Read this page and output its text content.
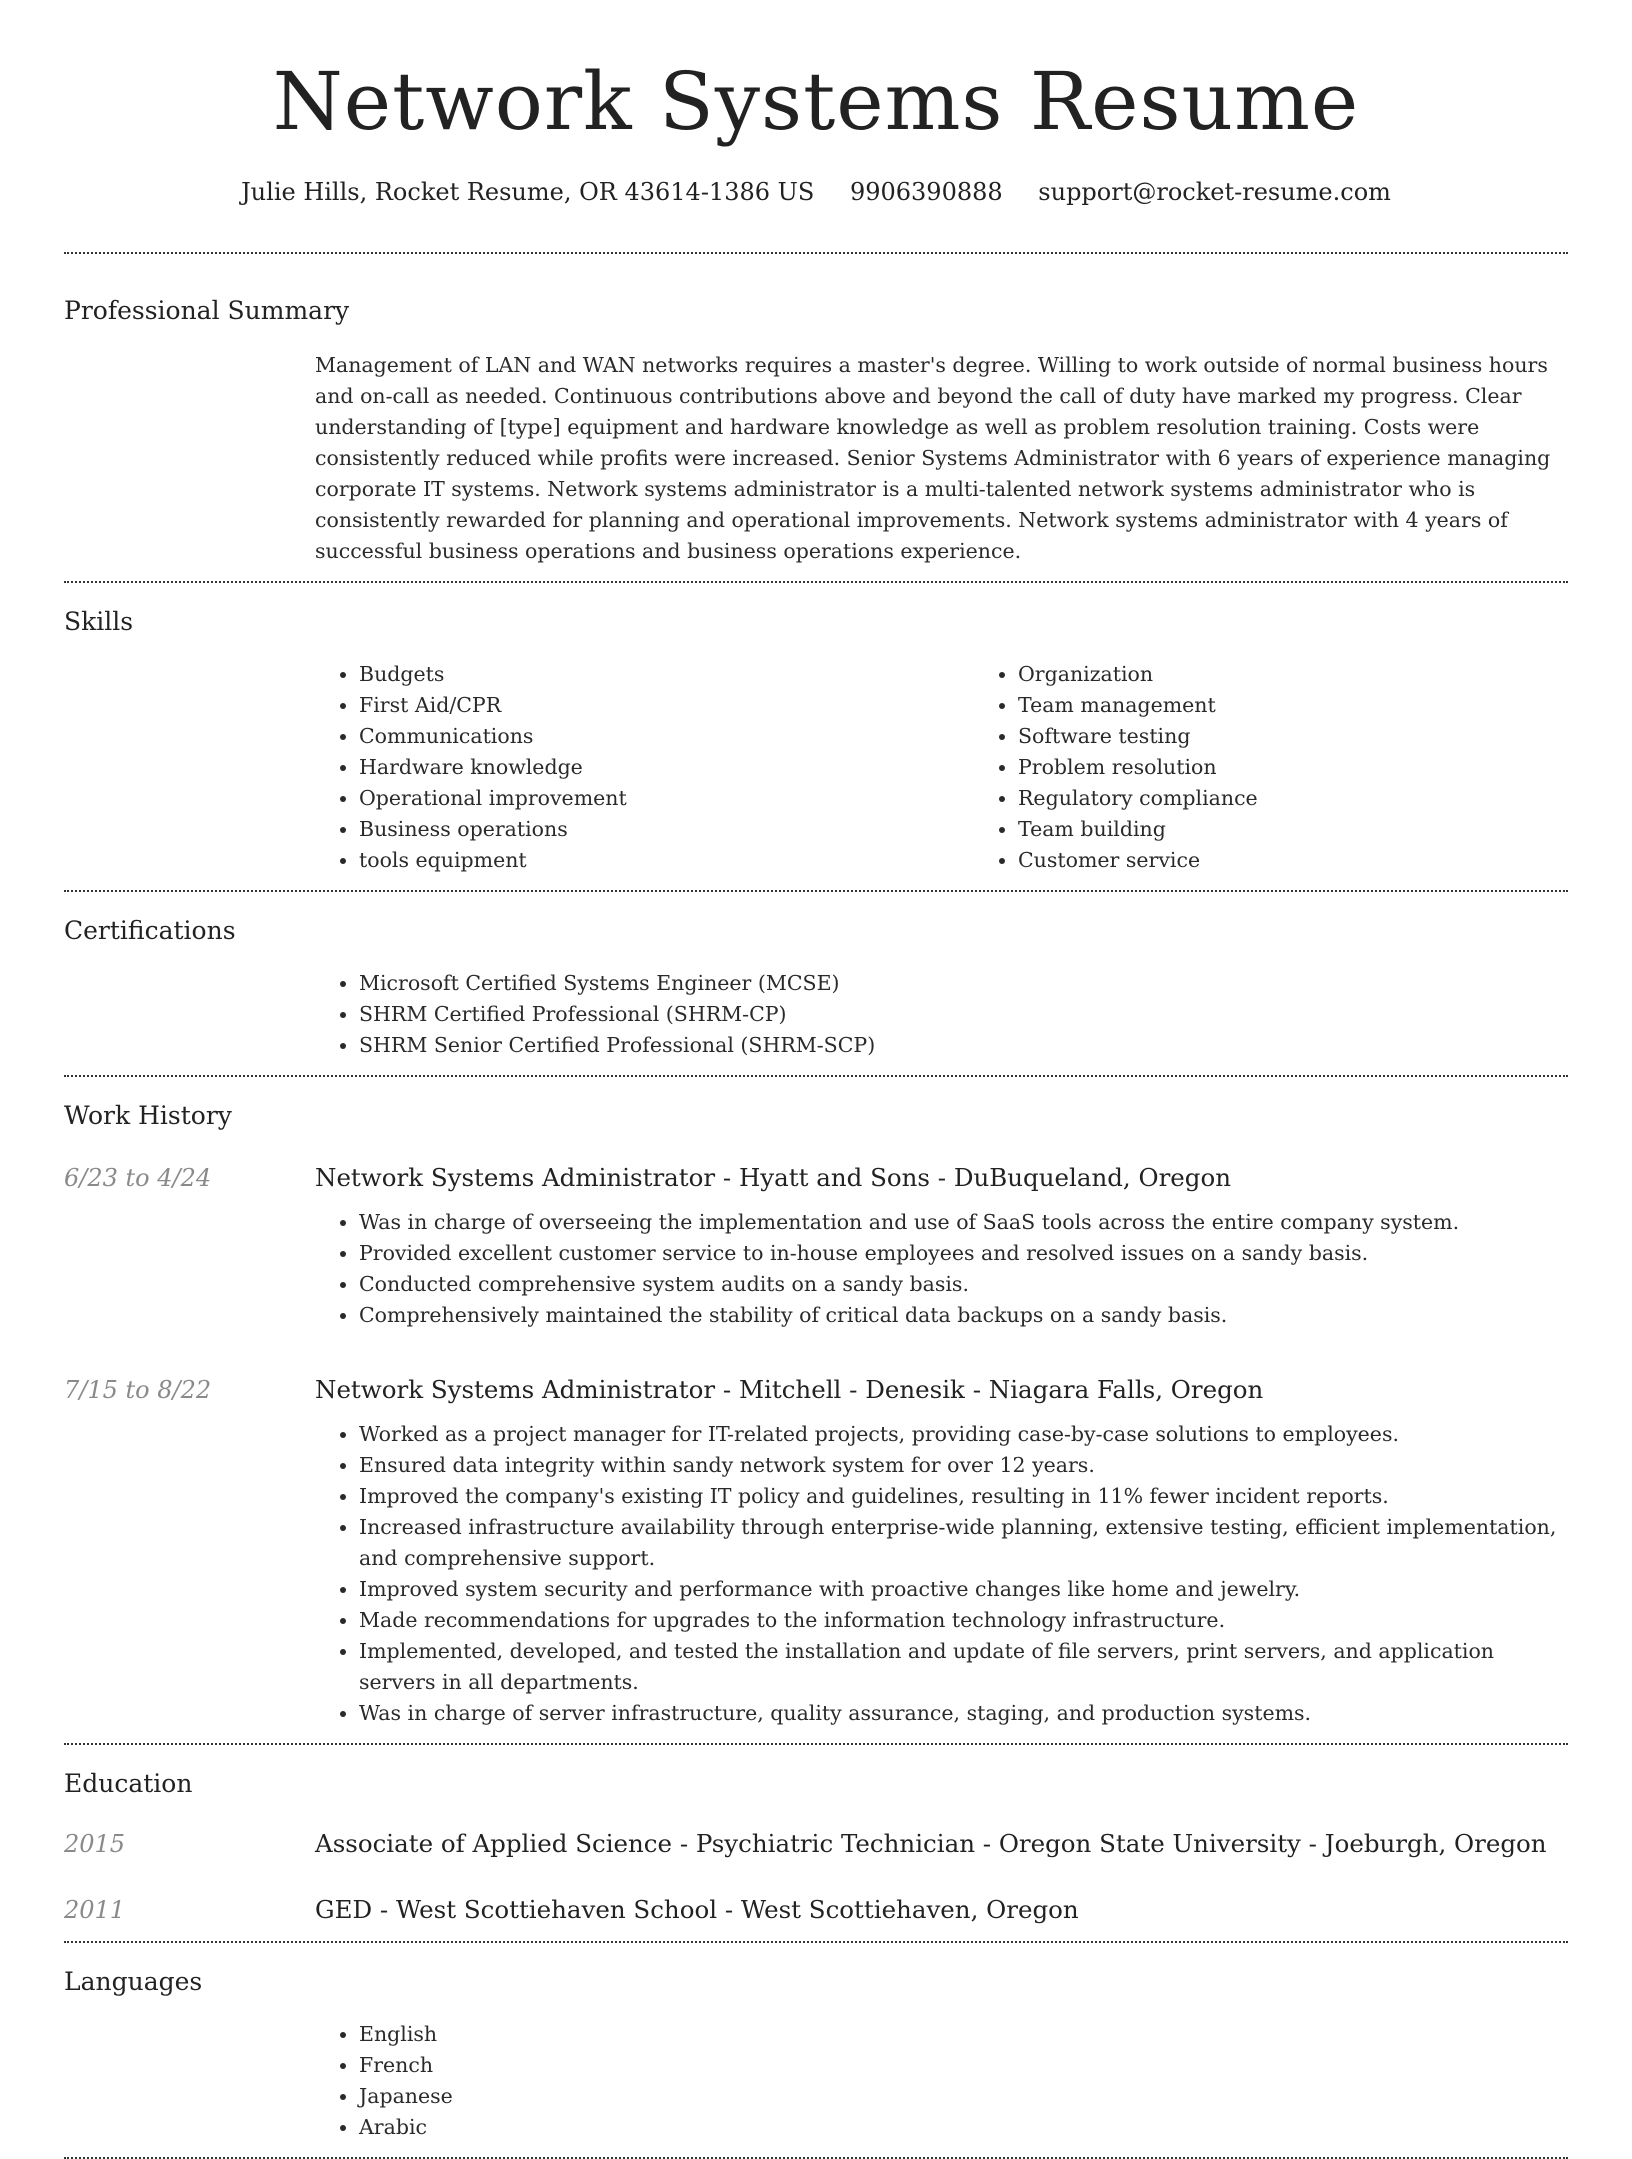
Network Systems Resume
Julie Hills, Rocket Resume, OR 43614-1386 US 9906390888 support@rocket-resume.com
Professional Summary
Management of LAN and WAN networks requires a master's degree. Willing to work outside of normal business hours and on-call as needed. Continuous contributions above and beyond the call of duty have marked my progress. Clear understanding of [type] equipment and hardware knowledge as well as problem resolution training. Costs were consistently reduced while profits were increased. Senior Systems Administrator with 6 years of experience managing corporate IT systems. Network systems administrator is a multi-talented network systems administrator who is consistently rewarded for planning and operational improvements. Network systems administrator with 4 years of successful business operations and business operations experience.
Skills
• Budgets
• First Aid/CPR
• Communications
• Hardware knowledge
• Operational improvement
• Business operations
• tools equipment
• Organization
• Team management
• Software testing
• Problem resolution
• Regulatory compliance
• Team building
• Customer service
Certifications
• Microsoft Certified Systems Engineer (MCSE)
• SHRM Certified Professional (SHRM-CP)
• SHRM Senior Certified Professional (SHRM-SCP)
Work History
6/23 to 4/24	Network Systems Administrator - Hyatt and Sons - DuBuqueland, Oregon
• Was in charge of overseeing the implementation and use of SaaS tools across the entire company system.
• Provided excellent customer service to in-house employees and resolved issues on a sandy basis.
• Conducted comprehensive system audits on a sandy basis.
• Comprehensively maintained the stability of critical data backups on a sandy basis.
7/15 to 8/22	Network Systems Administrator - Mitchell - Denesik - Niagara Falls, Oregon
• Worked as a project manager for IT-related projects, providing case-by-case solutions to employees.
• Ensured data integrity within sandy network system for over 12 years.
• Improved the company's existing IT policy and guidelines, resulting in 11% fewer incident reports.
• Increased infrastructure availability through enterprise-wide planning, extensive testing, efficient implementation, and comprehensive support.
• Improved system security and performance with proactive changes like home and jewelry.
• Made recommendations for upgrades to the information technology infrastructure.
• Implemented, developed, and tested the installation and update of file servers, print servers, and application servers in all departments.
• Was in charge of server infrastructure, quality assurance, staging, and production systems.
Education
2015	Associate of Applied Science - Psychiatric Technician - Oregon State University - Joeburgh, Oregon
2011	GED - West Scottiehaven School - West Scottiehaven, Oregon
Languages
• English
• French
• Japanese
• Arabic
